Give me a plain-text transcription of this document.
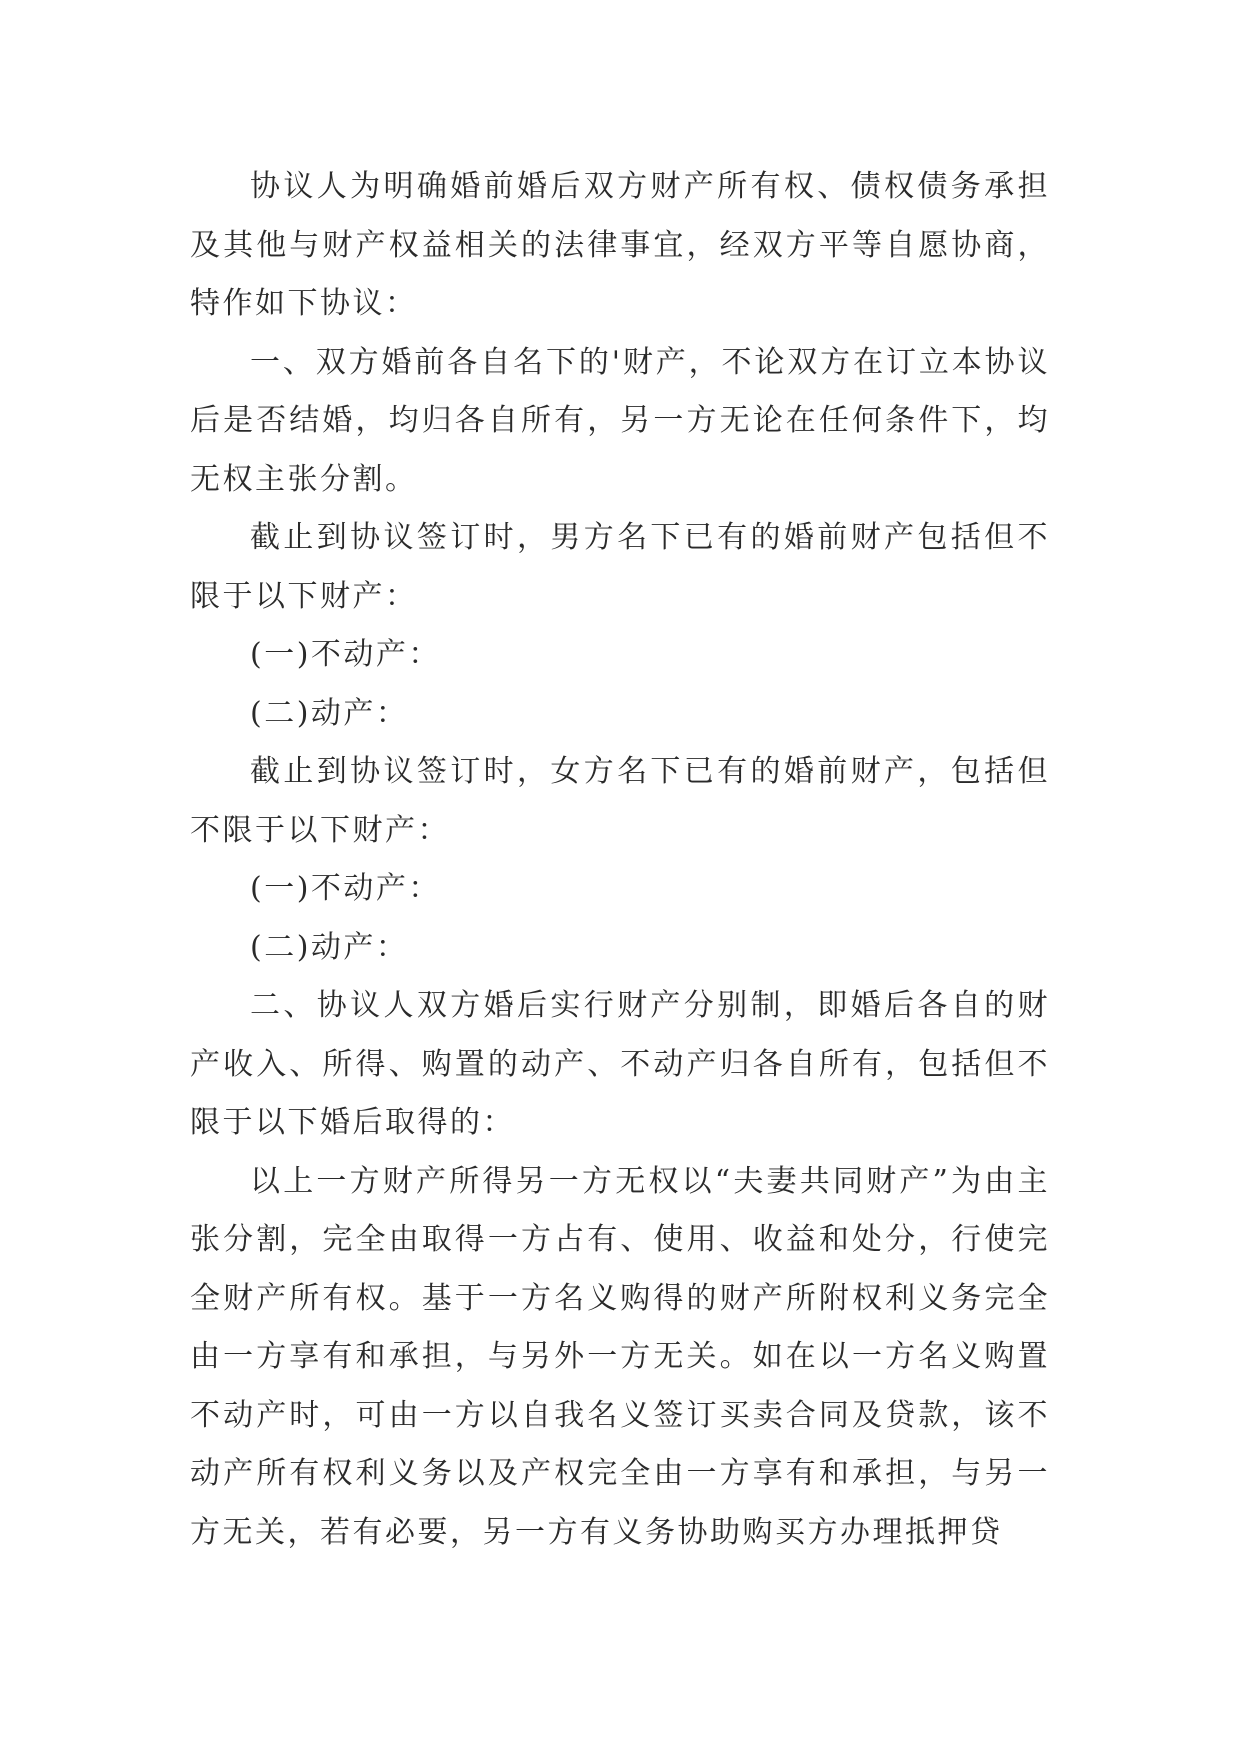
协议人为明确婚前婚后双方财产所有权、债权债务承担及其他与财产权益相关的法律事宜，经双方平等自愿协商，特作如下协议：

一、双方婚前各自名下的'财产，不论双方在订立本协议后是否结婚，均归各自所有，另一方无论在任何条件下，均无权主张分割。

截止到协议签订时，男方名下已有的婚前财产包括但不限于以下财产：

(一)不动产：

(二)动产：

截止到协议签订时，女方名下已有的婚前财产，包括但不限于以下财产：

(一)不动产：

(二)动产：

二、协议人双方婚后实行财产分别制，即婚后各自的财产收入、所得、购置的动产、不动产归各自所有，包括但不限于以下婚后取得的：

以上一方财产所得另一方无权以“夫妻共同财产”为由主张分割，完全由取得一方占有、使用、收益和处分，行使完全财产所有权。基于一方名义购得的财产所附权利义务完全由一方享有和承担，与另外一方无关。如在以一方名义购置不动产时，可由一方以自我名义签订买卖合同及贷款，该不动产所有权利义务以及产权完全由一方享有和承担，与另一方无关，若有必要，另一方有义务协助购买方办理抵押贷
